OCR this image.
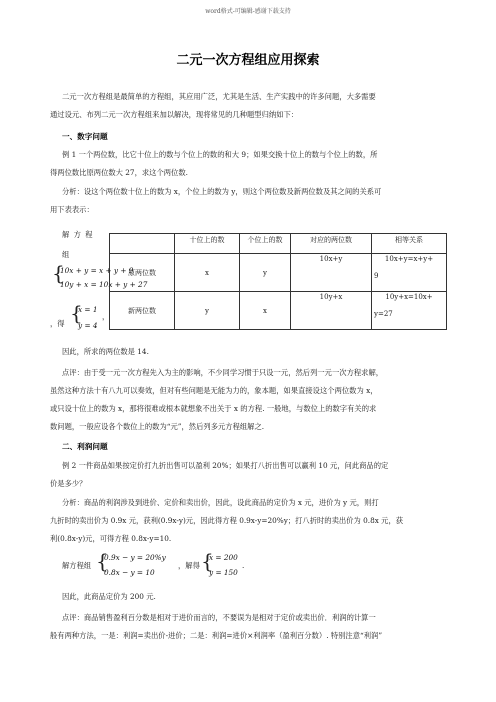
word格式-可编辑-感谢下载支持
二元一次方程组应用探索
二元一次方程组是最简单的方程组，其应用广泛，尤其是生活、生产实践中的许多问题，大多需要
通过设元、布列二元一次方程组来加以解决，现将常见的几种题型归纳如下：
一、数字问题
例 1 一个两位数，比它十位上的数与个位上的数的和大 9；如果交换十位上的数与个位上的数，所
得两位数比原两位数大 27，求这个两位数.
分析：设这个两位数十位上的数为 x，个位上的数为 y，则这个两位数及新两位数及其之间的关系可
用下表表示：
解 方 程
组
{
10x + y = x + y + 9
10y + x = 10x + y + 27
，得 {
x = 1
y = 4
，
	十位上的数	个位上的数	对应的两位数	相等关系
原两位数	x	y	10x+y	10x+y=x+y+
9

新两位数	y	x	10y+x	10y+x=10x+
y=27
因此，所求的两位数是 14.
点评：由于受一元一次方程先入为主的影响，不少同学习惯于只设一元，然后列一元一次方程求解，
虽然这种方法十有八九可以奏效，但对有些问题是无能为力的，象本题，如果直接设这个两位数为 x，
或只设十位上的数为 x，那将很难或根本就想象不出关于 x 的方程. 一般地，与数位上的数字有关的求
数问题，一般应设各个数位上的数为“元”，然后列多元方程组解之.
二、利润问题
例 2 一件商品如果按定价打九折出售可以盈利 20%；如果打八折出售可以赢利 10 元，问此商品的定
价是多少？
分析：商品的利润涉及到进价、定价和卖出价，因此，设此商品的定价为 x 元，进价为 y 元，则打
九折时的卖出价为 0.9x 元，获利(0.9x-y)元，因此得方程 0.9x-y=20%y；打八折时的卖出价为 0.8x 元，获
利(0.8x-y)元，可得方程 0.8x-y=10.
解方程组 {
0.9x − y = 20%y
0.8x − y = 10
，解得 {
x = 200
y = 150
.
因此，此商品定价为 200 元.
点评：商品销售盈利百分数是相对于进价而言的，不要误为是相对于定价或卖出价．利润的计算一
般有两种方法，一是：利润=卖出价-进价；二是：利润=进价×利润率（盈利百分数）. 特别注意“利润”
